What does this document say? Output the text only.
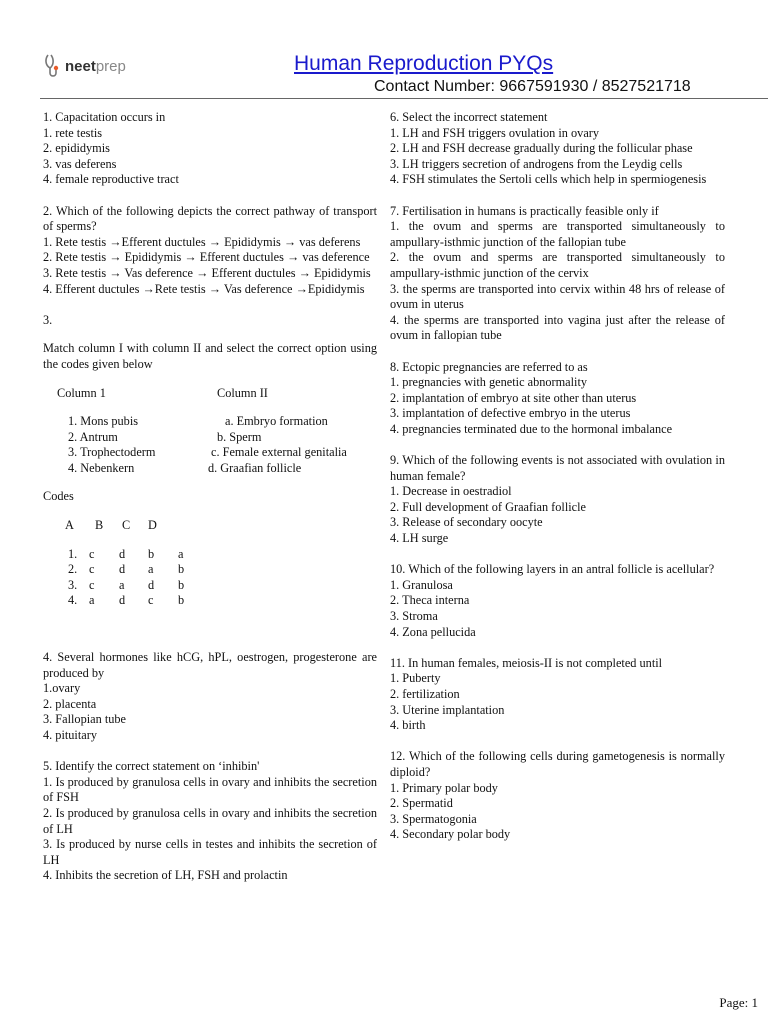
neetprep	Human Reproduction PYQs
Contact Number: 9667591930 / 8527521718

1. Capacitation occurs in

1. rete testis

2. epididymis

3. vas deferens

4. female reproductive tract

2. Which of the following depicts the correct pathway of transport of sperms?

1. Rete testis →Efferent ductules → Epididymis → vas deferens

2. Rete testis → Epididymis → Efferent ductules → vas deference

3. Rete testis → Vas deference → Efferent ductules → Epididymis

4. Efferent ductules →Rete testis → Vas deference →Epididymis

3.

Match column I with column II and select the correct option using the codes given below

Column 1	Column II
1. Mons pubis	a. Embryo formation
2. Antrum	b. Sperm
3. Trophectoderm	c. Female external genitalia
4. Nebenkern	d. Graafian follicle

Codes

A	B	C	D
1.	c	d	b	a
2.	c	d	a	b
3.	c	a	d	b
4.	a	d	c	b

4. Several hormones like hCG, hPL, oestrogen, progesterone are produced by

1.ovary

2. placenta

3. Fallopian tube

4. pituitary

5. Identify the correct statement on ‘inhibin'

1. Is produced by granulosa cells in ovary and inhibits the secretion of FSH

2. Is produced by granulosa cells in ovary and inhibits the secretion of LH

3. Is produced by nurse cells in testes and inhibits the secretion of LH

4. Inhibits the secretion of LH, FSH and prolactin

6. Select the incorrect statement

1. LH and FSH triggers ovulation in ovary

2. LH and FSH decrease gradually during the follicular phase

3. LH triggers secretion of androgens from the Leydig cells

4. FSH stimulates the Sertoli cells which help in spermiogenesis

7. Fertilisation in humans is practically feasible only if

1. the ovum and sperms are transported simultaneously to ampullary-isthmic junction of the fallopian tube

2. the ovum and sperms are transported simultaneously to ampullary-isthmic junction of the cervix

3. the sperms are transported into cervix within 48 hrs of release of ovum in uterus

4. the sperms are transported into vagina just after the release of ovum in fallopian tube

8. Ectopic pregnancies are referred to as

1. pregnancies with genetic abnormality

2. implantation of embryo at site other than uterus

3. implantation of defective embryo in the uterus

4. pregnancies terminated due to the hormonal imbalance

9. Which of the following events is not associated with ovulation in human female?

1. Decrease in oestradiol

2. Full development of Graafian follicle

3. Release of secondary oocyte

4. LH surge

10. Which of the following layers in an antral follicle is acellular?

1. Granulosa

2. Theca interna

3. Stroma

4. Zona pellucida

11. In human females, meiosis-II is not completed until

1. Puberty

2. fertilization

3. Uterine implantation

4. birth

12. Which of the following cells during gametogenesis is normally diploid?

1. Primary polar body

2. Spermatid

3. Spermatogonia

4. Secondary polar body

Page: 1
